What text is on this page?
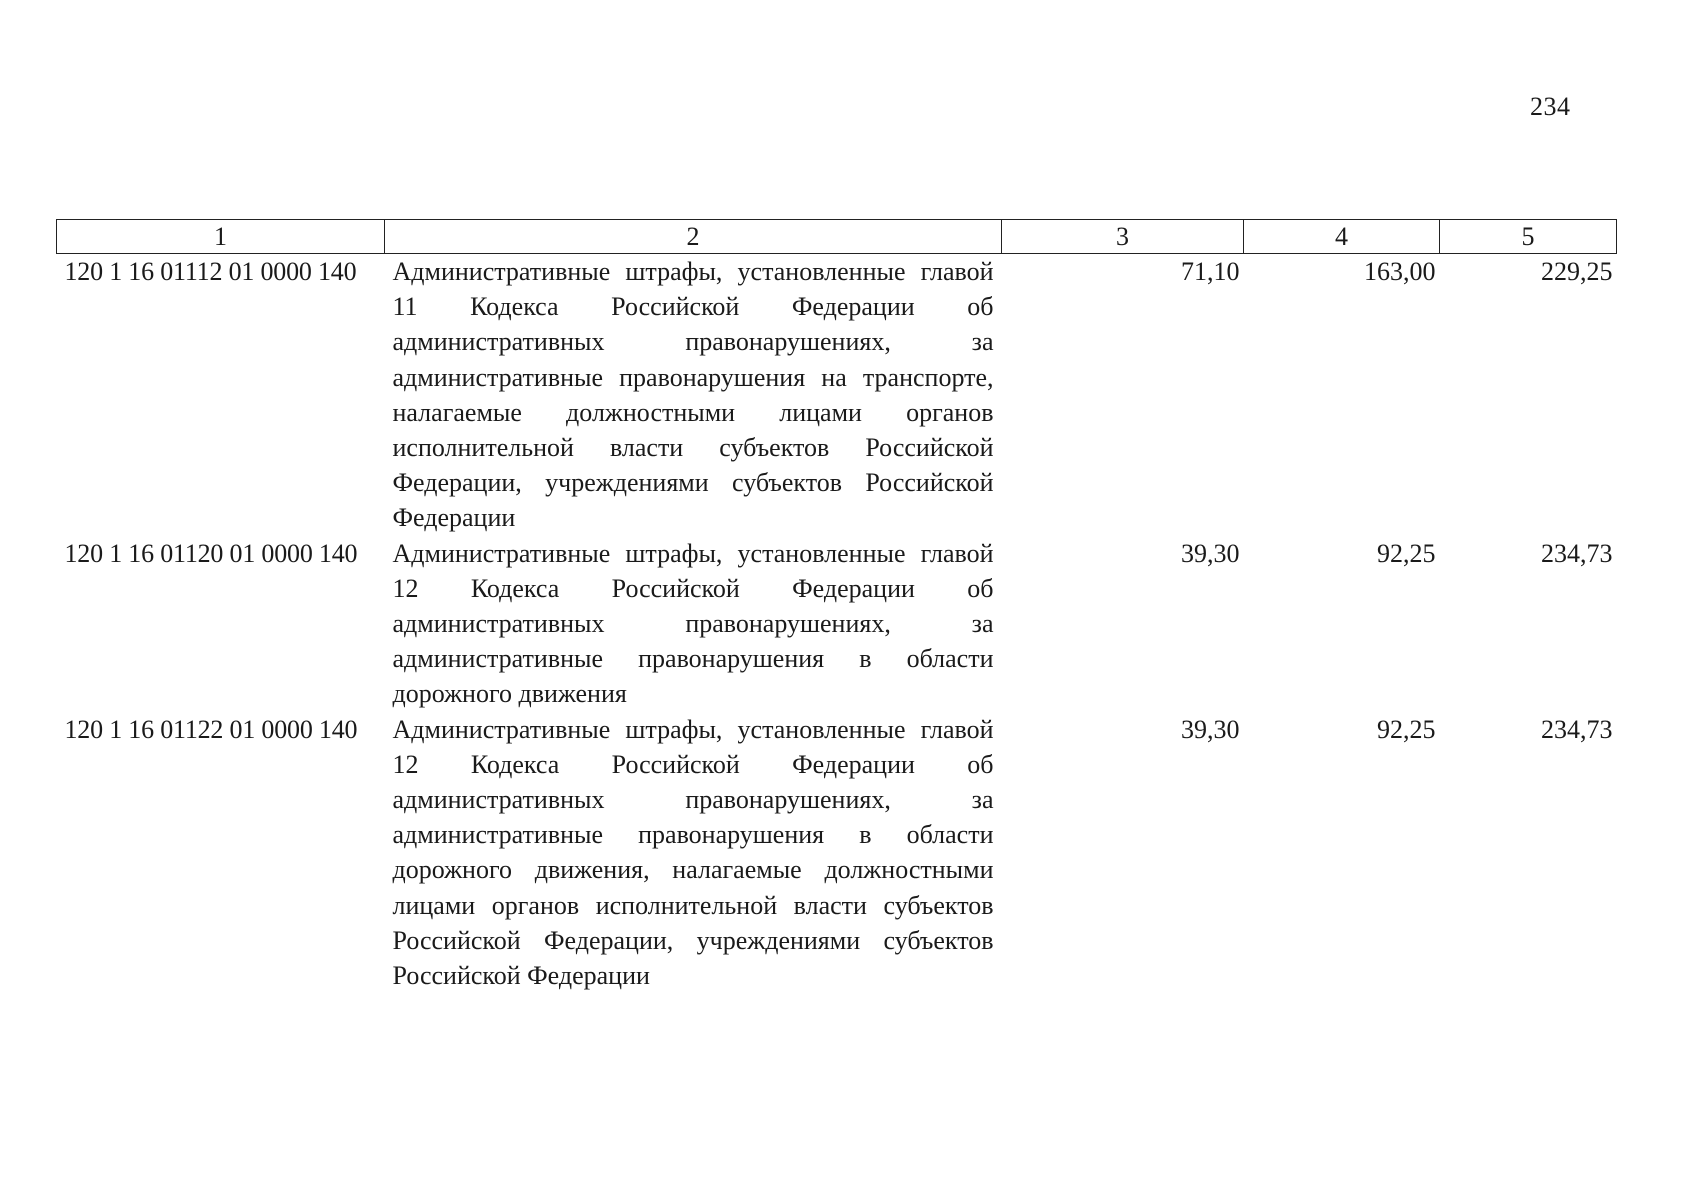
234
1	2	3	4	5
120 1 16 01112 01 0000 140	Административные штрафы, установленные главой 11 Кодекса Российской Федерации об административных правонарушениях, за административные правонарушения на транспорте, налагаемые должностными лицами органов исполнительной власти субъектов Российской Федерации, учреждениями субъектов Российской Федерации	71,10	163,00	229,25
120 1 16 01120 01 0000 140	Административные штрафы, установленные главой 12 Кодекса Российской Федерации об административных правонарушениях, за административные правонарушения в области дорожного движения	39,30	92,25	234,73
120 1 16 01122 01 0000 140	Административные штрафы, установленные главой 12 Кодекса Российской Федерации об административных правонарушениях, за административные правонарушения в области дорожного движения, налагаемые должностными лицами органов исполнительной власти субъектов Российской Федерации, учреждениями субъектов Российской Федерации	39,30	92,25	234,73
